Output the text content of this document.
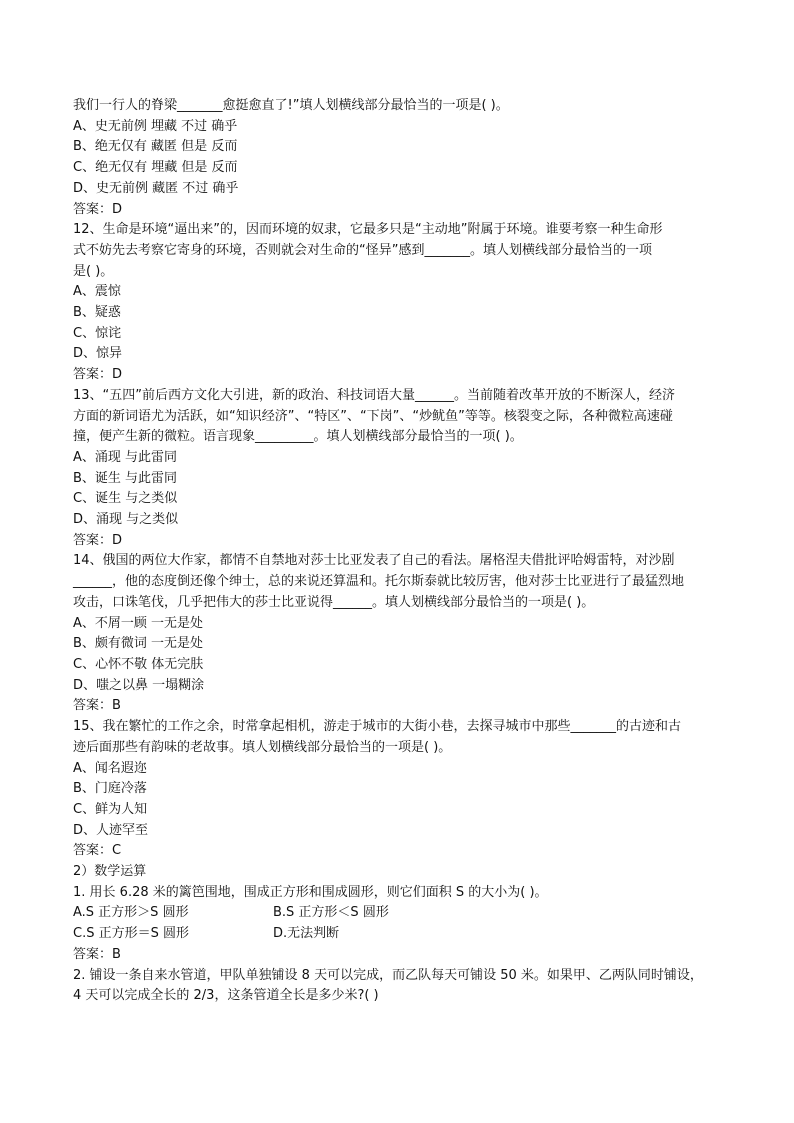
我们一行人的脊梁_______愈挺愈直了!”填人划横线部分最恰当的一项是( )。
A、史无前例 埋藏 不过 确乎
B、绝无仅有 藏匿 但是 反而
C、绝无仅有 埋藏 但是 反而
D、史无前例 藏匿 不过 确乎
答案：D
12、生命是环境“逼出来”的，因而环境的奴隶，它最多只是“主动地”附属于环境。谁要考察一种生命形
式不妨先去考察它寄身的环境，否则就会对生命的“怪异”感到_______。填人划横线部分最恰当的一项
是( )。
A、震惊
B、疑惑
C、惊诧
D、惊异
答案：D
13、“五四”前后西方文化大引进，新的政治、科技词语大量______。当前随着改革开放的不断深人，经济
方面的新词语尤为活跃，如“知识经济”、“特区”、“下岗”、“炒鱿鱼”等等。核裂变之际，各种微粒高速碰
撞，便产生新的微粒。语言现象_________。填人划横线部分最恰当的一项( )。
A、涌现 与此雷同
B、诞生 与此雷同
C、诞生 与之类似
D、涌现 与之类似
答案：D
14、俄国的两位大作家，都情不自禁地对莎士比亚发表了自己的看法。屠格涅夫借批评哈姆雷特，对沙剧
______，他的态度倒还像个绅士，总的来说还算温和。托尔斯泰就比较厉害，他对莎士比亚进行了最猛烈地
攻击，口诛笔伐，几乎把伟大的莎士比亚说得______。填人划横线部分最恰当的一项是( )。
A、不屑一顾 一无是处
B、颇有微词 一无是处
C、心怀不敬 体无完肤
D、嗤之以鼻 一塌糊涂
答案：B
15、我在繁忙的工作之余，时常拿起相机，游走于城市的大街小巷，去探寻城市中那些_______的古迹和古
迹后面那些有韵味的老故事。填人划横线部分最恰当的一项是( )。
A、闻名遐迩
B、门庭冷落
C、鲜为人知
D、人迹罕至
答案：C
2）数学运算
1. 用长 6.28 米的篱笆围地，围成正方形和围成圆形，则它们面积 S 的大小为( )。
A.S 正方形＞S 圆形	B.S 正方形＜S 圆形
C.S 正方形＝S 圆形	D.无法判断
答案：B
2. 铺设一条自来水管道，甲队单独铺设 8 天可以完成，而乙队每天可铺设 50 米。如果甲、乙两队同时铺设，
4 天可以完成全长的 2/3，这条管道全长是多少米?( )
